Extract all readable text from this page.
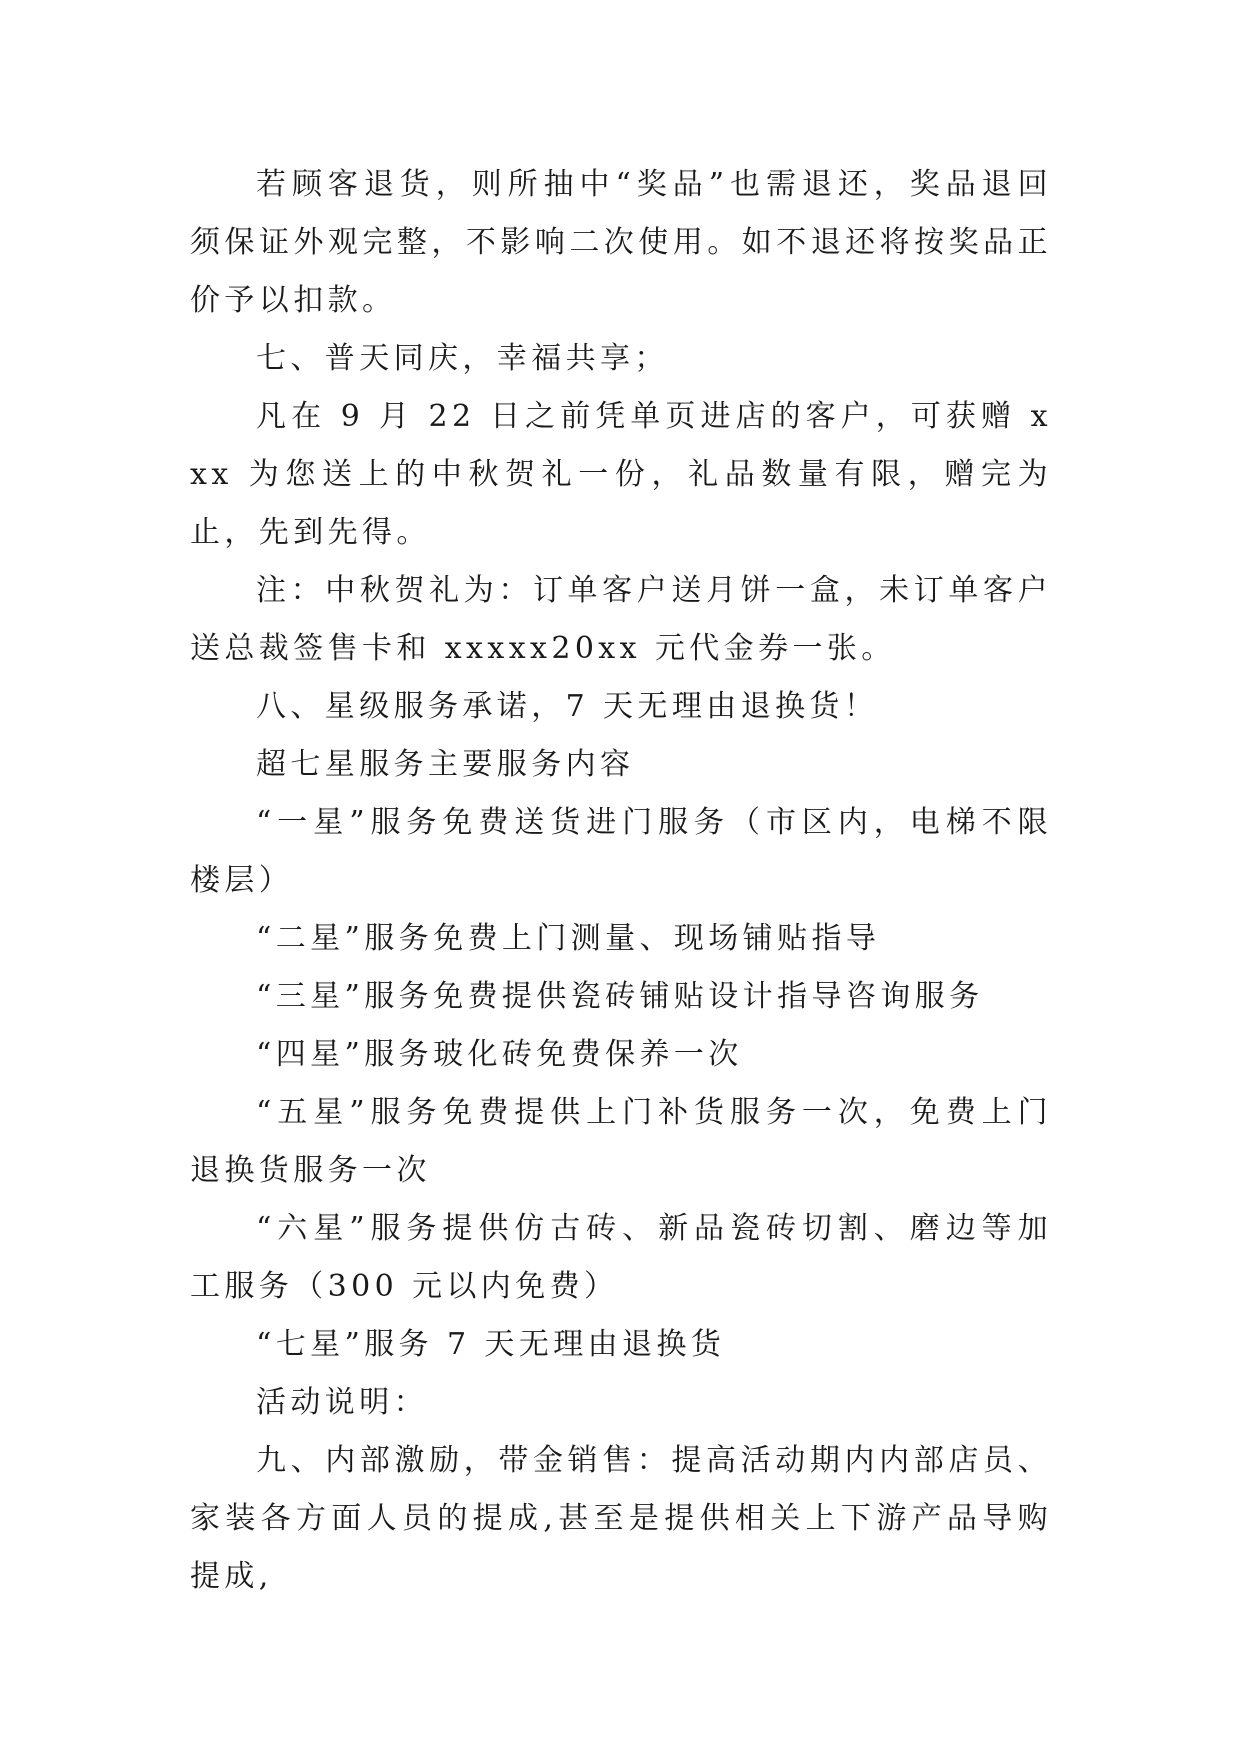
若顾客退货，则所抽中“奖品”也需退还，奖品退回须保证外观完整，不影响二次使用。如不退还将按奖品正价予以扣款。

七、普天同庆，幸福共享；

凡在 9 月 22 日之前凭单页进店的客户，可获赠 xxx 为您送上的中秋贺礼一份，礼品数量有限，赠完为止，先到先得。

注：中秋贺礼为：订单客户送月饼一盒，未订单客户送总裁签售卡和 xxxxx20xx 元代金券一张。

八、星级服务承诺，7 天无理由退换货！

超七星服务主要服务内容

“一星”服务免费送货进门服务（市区内，电梯不限楼层）

“二星”服务免费上门测量、现场铺贴指导

“三星”服务免费提供瓷砖铺贴设计指导咨询服务

“四星”服务玻化砖免费保养一次

“五星”服务免费提供上门补货服务一次，免费上门退换货服务一次

“六星”服务提供仿古砖、新品瓷砖切割、磨边等加工服务（300 元以内免费）

“七星”服务 7 天无理由退换货

活动说明：

九、内部激励，带金销售：提高活动期内内部店员、家装各方面人员的提成,甚至是提供相关上下游产品导购提成,
